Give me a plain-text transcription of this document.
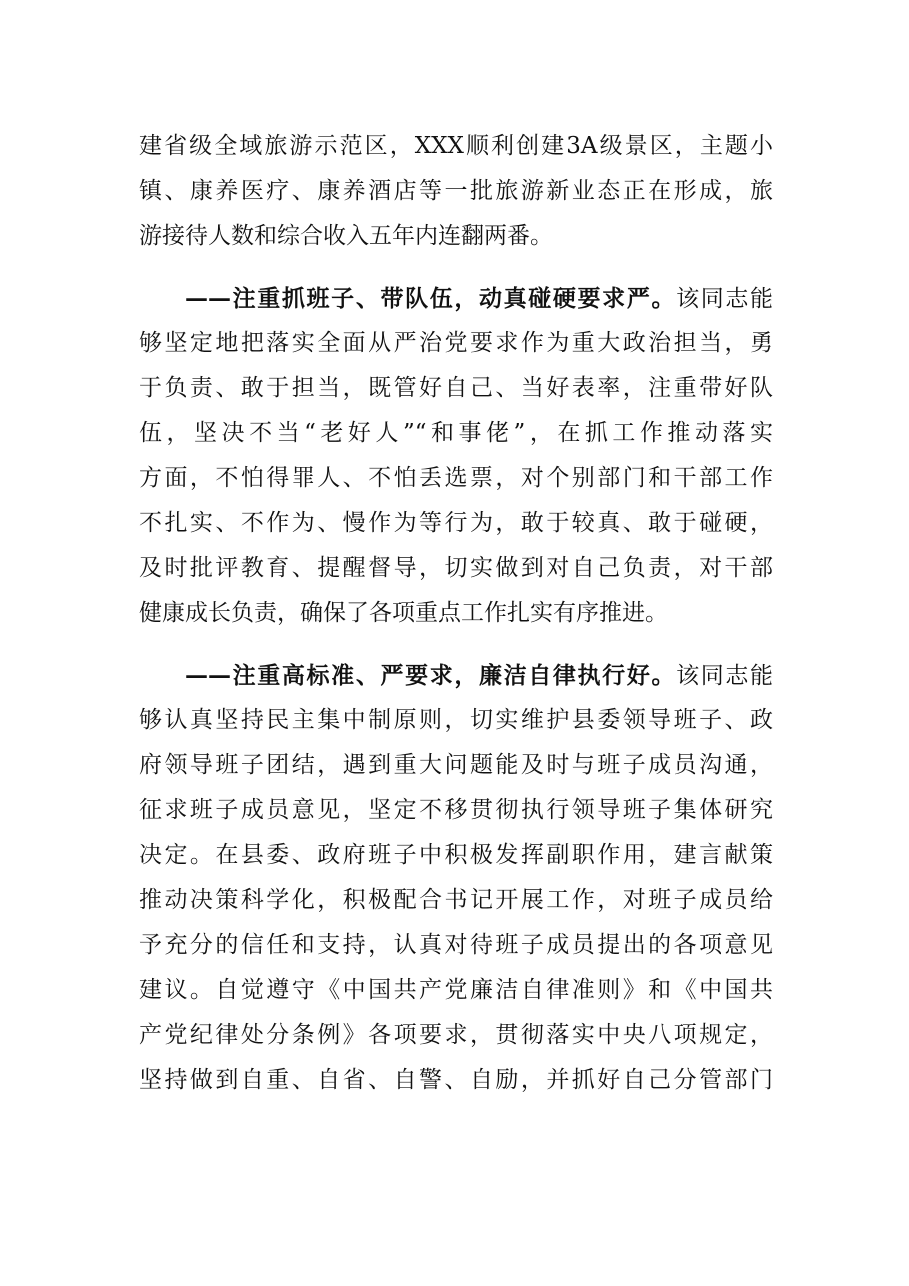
建省级全域旅游示范区，XXX顺利创建3A级景区，主题小
镇、康养医疗、康养酒店等一批旅游新业态正在形成，旅
游接待人数和综合收入五年内连翻两番。
——注重抓班子、带队伍，动真碰硬要求严。该同志能
够坚定地把落实全面从严治党要求作为重大政治担当，勇
于负责、敢于担当，既管好自己、当好表率，注重带好队
伍，坚决不当“老好人”“和事佬”，在抓工作推动落实
方面，不怕得罪人、不怕丢选票，对个别部门和干部工作
不扎实、不作为、慢作为等行为，敢于较真、敢于碰硬，
及时批评教育、提醒督导，切实做到对自己负责，对干部
健康成长负责，确保了各项重点工作扎实有序推进。
——注重高标准、严要求，廉洁自律执行好。该同志能
够认真坚持民主集中制原则，切实维护县委领导班子、政
府领导班子团结，遇到重大问题能及时与班子成员沟通，
征求班子成员意见，坚定不移贯彻执行领导班子集体研究
决定。在县委、政府班子中积极发挥副职作用，建言献策
推动决策科学化，积极配合书记开展工作，对班子成员给
予充分的信任和支持，认真对待班子成员提出的各项意见
建议。自觉遵守《中国共产党廉洁自律准则》和《中国共
产党纪律处分条例》各项要求，贯彻落实中央八项规定，
坚持做到自重、自省、自警、自励，并抓好自己分管部门
